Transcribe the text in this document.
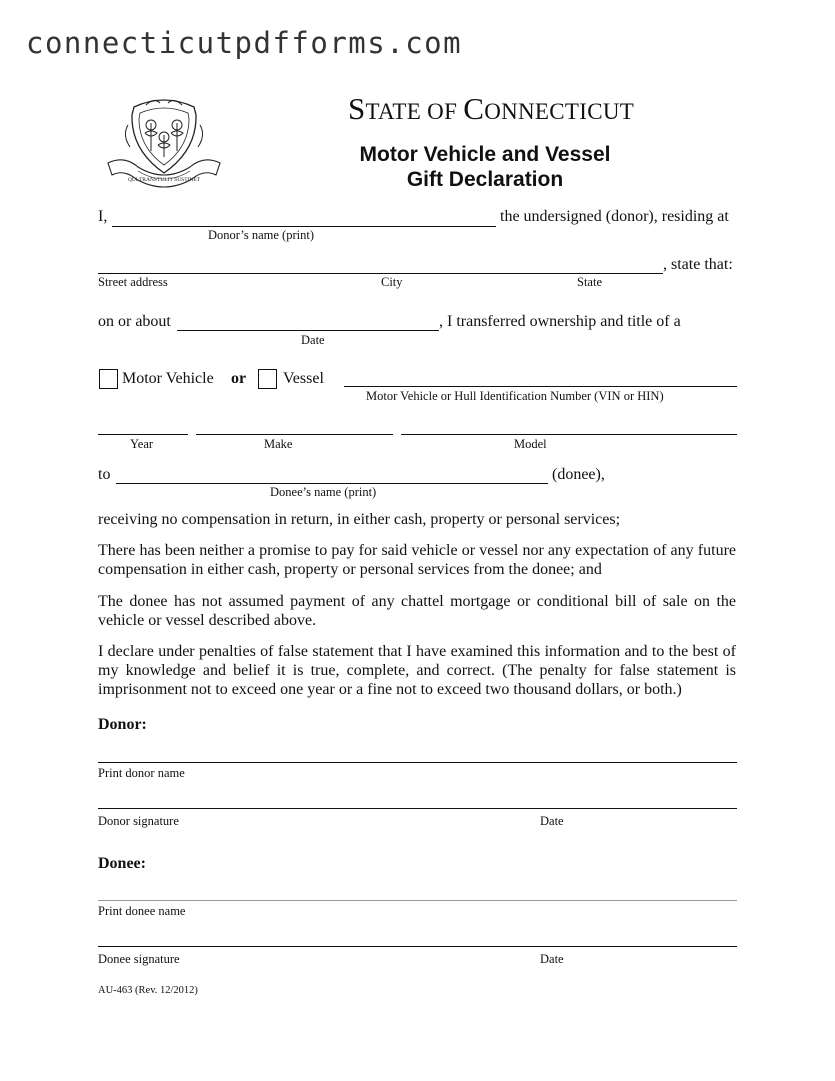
connecticutpdfforms.com
QUI TRANSTULIT SUSTINET
STATE OF CONNECTICUT
Motor Vehicle and Vessel
Gift Declaration
I,	the undersigned (donor), residing at
Donor’s name (print)
, state that:
Street address	City	State
on or about	, I transferred ownership and title of a
Date
Motor Vehicle or Vessel
Motor Vehicle or Hull Identification Number (VIN or HIN)
Year	Make	Model
to	(donee),
Donee’s name (print)
receiving no compensation in return, in either cash, property or personal services;
There has been neither a promise to pay for said vehicle or vessel nor any expectation of any future compensation in either cash, property or personal services from the donee; and
The donee has not assumed payment of any chattel mortgage or conditional bill of sale on the vehicle or vessel described above.
I declare under penalties of false statement that I have examined this information and to the best of my knowledge and belief it is true, complete, and correct. (The penalty for false statement is imprisonment not to exceed one year or a fine not to exceed two thousand dollars, or both.)
Donor:
Print donor name
Donor signature	Date
Donee:
Print donee name
Donee signature	Date
AU-463 (Rev. 12/2012)
